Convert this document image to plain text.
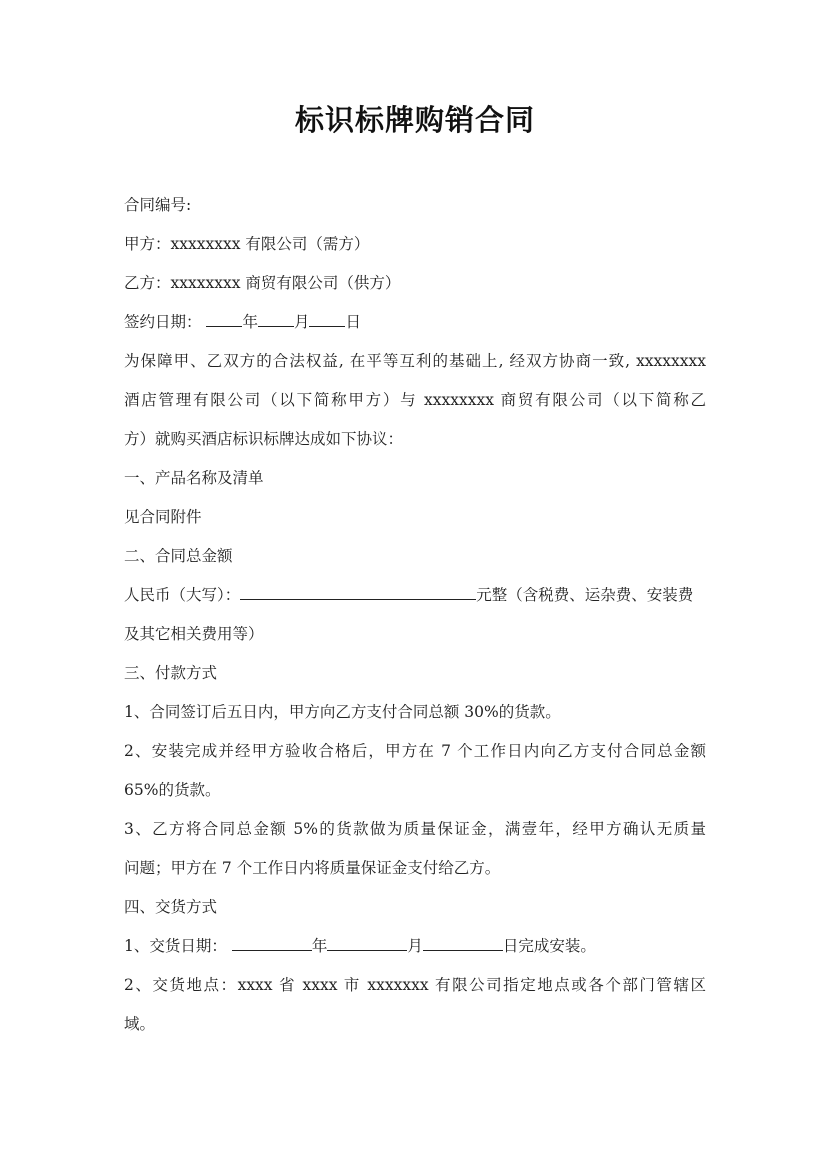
标识标牌购销合同
合同编号:
甲方：xxxxxxxx 有限公司（需方）
乙方：xxxxxxxx 商贸有限公司（供方）
签约日期：	年 月 日
为保障甲、乙双方的合法权益, 在平等互利的基础上, 经双方协商一致, xxxxxxxx
酒店管理有限公司（以下简称甲方）与 xxxxxxxx 商贸有限公司（以下简称乙
方）就购买酒店标识标牌达成如下协议：
一、产品名称及清单
见合同附件
二、合同总金额
人民币（大写）：	元整（含税费、运杂费、安装费
及其它相关费用等）
三、付款方式
1、合同签订后五日内，甲方向乙方支付合同总额 30%的货款。
2、安装完成并经甲方验收合格后，甲方在 7 个工作日内向乙方支付合同总金额
65%的货款。
3、乙方将合同总金额 5%的货款做为质量保证金，满壹年，经甲方确认无质量
问题；甲方在 7 个工作日内将质量保证金支付给乙方。
四、交货方式
1、交货日期：	年	月	日完成安装。
2、交货地点：xxxx 省 xxxx 市 xxxxxxx 有限公司指定地点或各个部门管辖区
域。
